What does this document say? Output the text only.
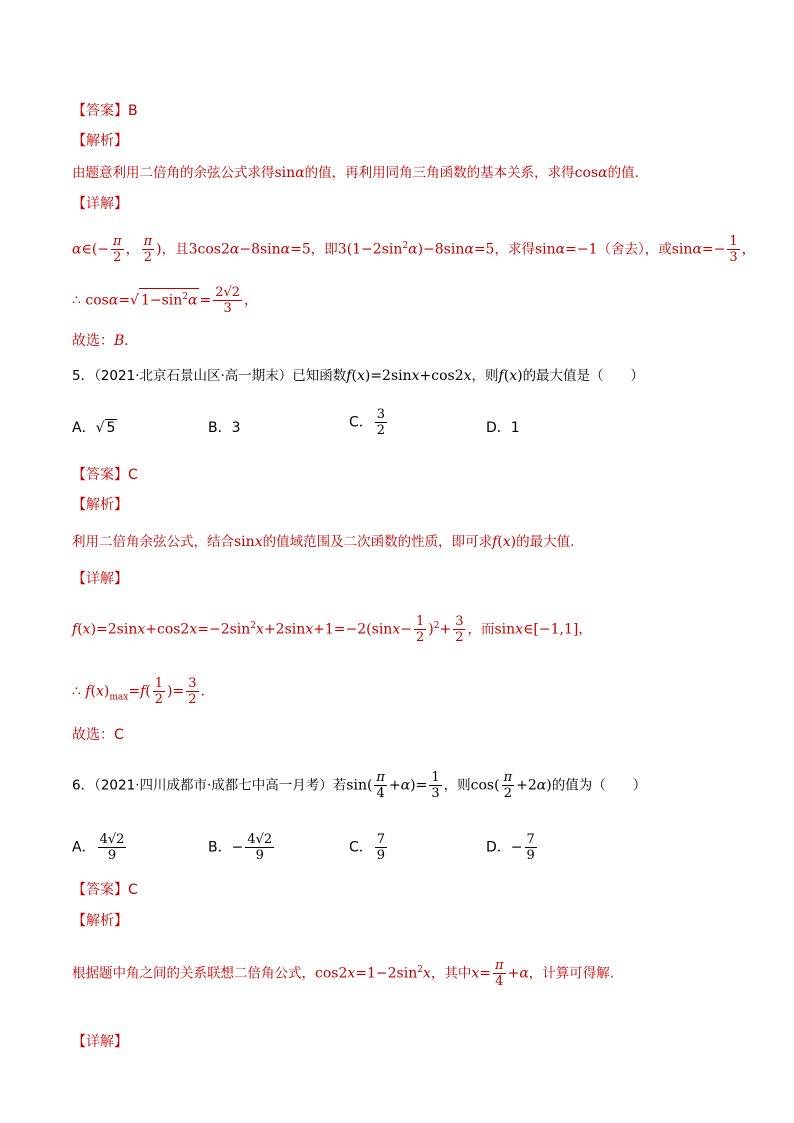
【答案】B
【解析】
由题意利用二倍角的余弦公式求得sinα的值，再利用同角三角函数的基本关系，求得cosα的值．
【详解】
α∈(− $\frac{\pi}{2}$ ， $\frac{\pi}{2}$ )，且3cos2α−8sinα=5，即$3(1-2\sin^2\alpha)-8\sin\alpha=5$，求得sinα=−1（舍去），或$\sin\alpha=- \frac{1}{3}$ ，
∴ cosα=√ $1-\sin^2\alpha = \frac{2√2}{3}$ ，
故选：B．
5．（2021·北京石景山区·高一期末）已知函数f(x)=2sinx+cos2x，则f(x)的最大值是（　　）
A．√ 5	B．3	C． $\frac{3}{2}$	D．1
【答案】C
【解析】
利用二倍角余弦公式，结合sinx的值域范围及二次函数的性质，即可求f(x)的最大值.
【详解】
$f(x)=2\sin x+\cos 2x=-2\sin^2x+2\sin x+1=-2(\sin x- \frac{1}{2} )^2+ \frac{3}{2}$ ，而sinx∈[−1,1]，
∴ $f(x)_{max}=f( \frac{1}{2}$ )= $\frac{3}{2}$ .
故选：C
6．（2021·四川成都市·成都七中高一月考）若$\sin( \frac{\pi}{4} +\alpha)= \frac{1}{3}$ ，则$\cos( \frac{\pi}{2} +2\alpha)$的值为（　　）
A． $\frac{4√2}{9}$	B．− $\frac{4√2}{9}$	C． $\frac{7}{9}$	D．− $\frac{7}{9}$
【答案】C
【解析】
根据题中角之间的关系联想二倍角公式，$\cos 2x=1-2\sin^2x$，其中$x= \frac{\pi}{4} +\alpha$，计算可得解.
【详解】
